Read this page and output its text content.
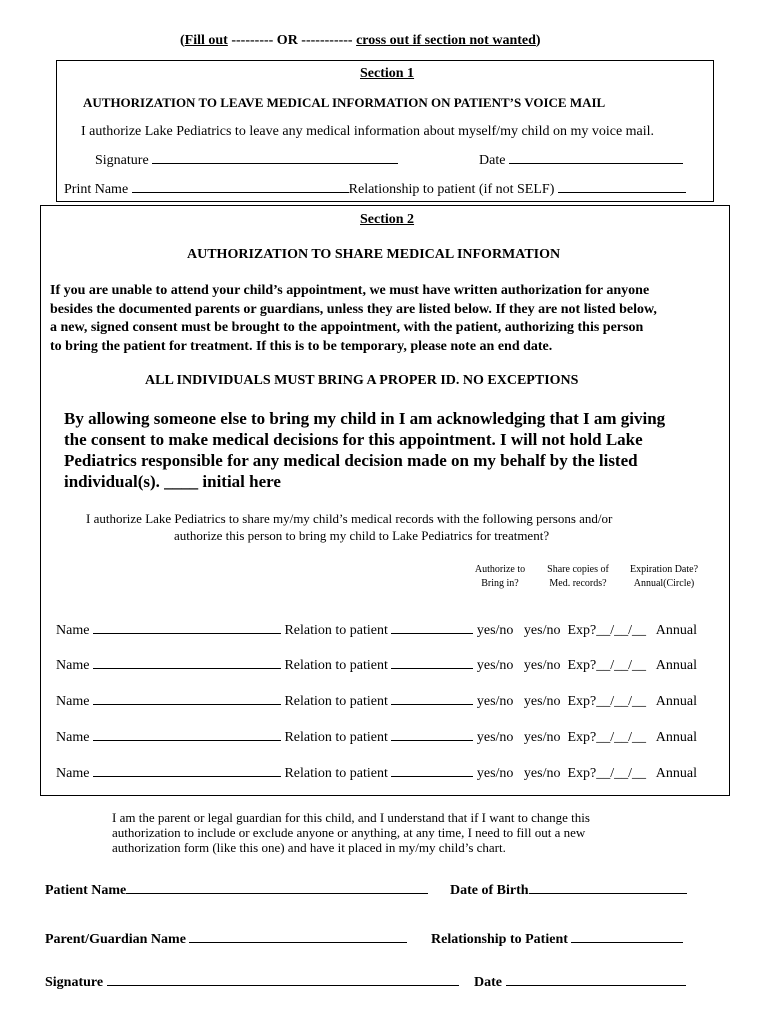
(Fill out --------- OR ----------- cross out if section not wanted)
Section 1
AUTHORIZATION TO LEAVE MEDICAL INFORMATION ON PATIENT’S VOICE MAIL
I authorize Lake Pediatrics to leave any medical information about myself/my child on my voice mail.
Signature	Date
Print Name	Relationship to patient (if not SELF)
Section 2
AUTHORIZATION TO SHARE MEDICAL INFORMATION
If you are unable to attend your child’s appointment, we must have written authorization for anyone
besides the documented parents or guardians, unless they are listed below. If they are not listed below,
a new, signed consent must be brought to the appointment, with the patient, authorizing this person
to bring the patient for treatment. If this is to be temporary, please note an end date.
ALL INDIVIDUALS MUST BRING A PROPER ID. NO EXCEPTIONS
By allowing someone else to bring my child in I am acknowledging that I am giving
the consent to make medical decisions for this appointment. I will not hold Lake
Pediatrics responsible for any medical decision made on my behalf by the listed
individual(s). ____ initial here
I authorize Lake Pediatrics to share my/my child’s medical records with the following persons and/or
authorize this person to bring my child to Lake Pediatrics for treatment?
Authorize to
Bring in?
Share copies of
Med. records?
Expiration Date?
Annual(Circle)
Name	Relation to patient	yes/no yes/no Exp?__/__/__ Annual
Name	Relation to patient	yes/no yes/no Exp?__/__/__ Annual
Name	Relation to patient	yes/no yes/no Exp?__/__/__ Annual
Name	Relation to patient	yes/no yes/no Exp?__/__/__ Annual
Name	Relation to patient	yes/no yes/no Exp?__/__/__ Annual
I am the parent or legal guardian for this child, and I understand that if I want to change this
authorization to include or exclude anyone or anything, at any time, I need to fill out a new
authorization form (like this one) and have it placed in my/my child’s chart.
Patient Name	Date of Birth
Parent/Guardian Name	Relationship to Patient
Signature	Date
